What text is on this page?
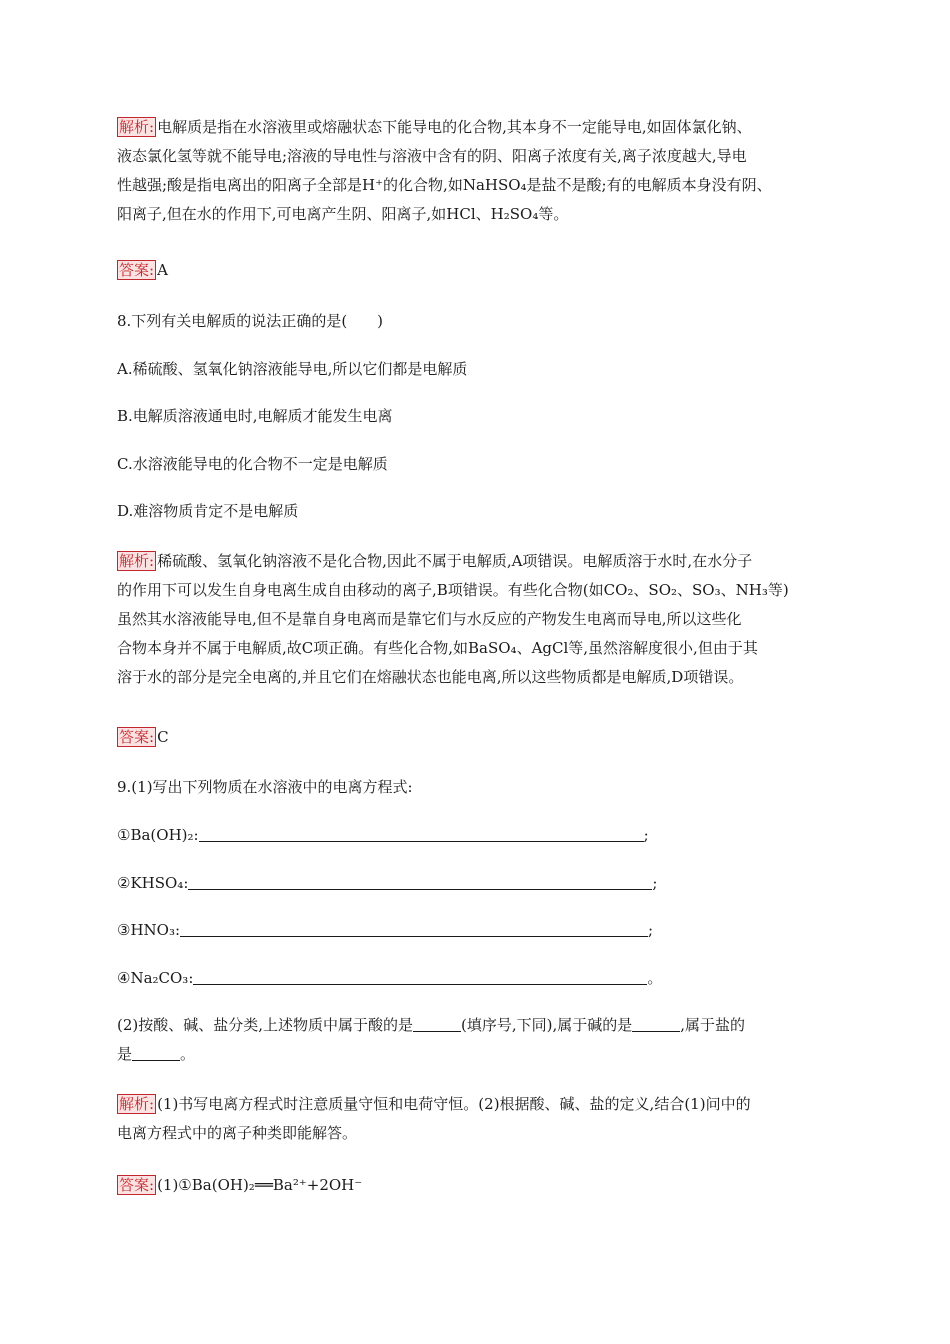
解析: 电解质是指在水溶液里或熔融状态下能导电的化合物,其本身不一定能导电,如固体氯化钠、

液态氯化氢等就不能导电;溶液的导电性与溶液中含有的阴、阳离子浓度有关,离子浓度越大,导电

性越强;酸是指电离出的阳离子全部是H⁺的化合物,如NaHSO₄是盐不是酸;有的电解质本身没有阴、

阳离子,但在水的作用下,可电离产生阴、阳离子,如HCl、H₂SO₄等。

答案: A

8.下列有关电解质的说法正确的是(　　)

A.稀硫酸、氢氧化钠溶液能导电,所以它们都是电解质

B.电解质溶液通电时,电解质才能发生电离

C.水溶液能导电的化合物不一定是电解质

D.难溶物质肯定不是电解质

解析: 稀硫酸、氢氧化钠溶液不是化合物,因此不属于电解质,A项错误。电解质溶于水时,在水分子

的作用下可以发生自身电离生成自由移动的离子,B项错误。有些化合物(如CO₂、SO₂、SO₃、NH₃等)

虽然其水溶液能导电,但不是靠自身电离而是靠它们与水反应的产物发生电离而导电,所以这些化

合物本身并不属于电解质,故C项正确。有些化合物,如BaSO₄、AgCl等,虽然溶解度很小,但由于其

溶于水的部分是完全电离的,并且它们在熔融状态也能电离,所以这些物质都是电解质,D项错误。

答案: C

9.(1)写出下列物质在水溶液中的电离方程式:

①Ba(OH)₂:	;

②KHSO₄:	;

③HNO₃:	;

④Na₂CO₃:	。

(2)按酸、碱、盐分类,上述物质中属于酸的是	(填序号,下同),属于碱的是	,属于盐的

是	。

解析: (1)书写电离方程式时注意质量守恒和电荷守恒。(2)根据酸、碱、盐的定义,结合(1)问中的

电离方程式中的离子种类即能解答。

答案: (1)①Ba(OH)₂══Ba²⁺+2OH⁻
